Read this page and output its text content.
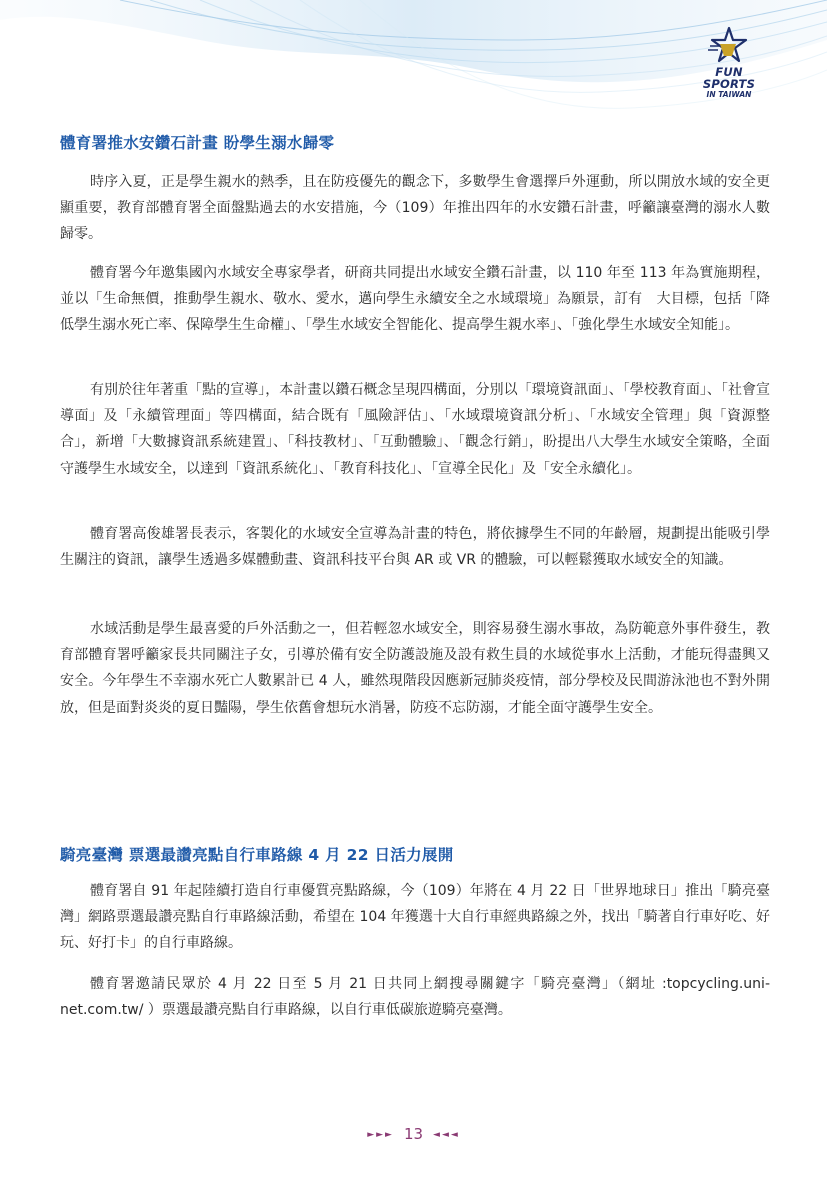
FUN SPORTS
IN TAIWAN
體育署推水安鑽石計畫 盼學生溺水歸零

時序入夏，正是學生親水的熱季，且在防疫優先的觀念下，多數學生會選擇戶外運動，所以開放水域的安全更顯重要，教育部體育署全面盤點過去的水安措施，今（109）年推出四年的水安鑽石計畫，呼籲讓臺灣的溺水人數歸零。

體育署今年邀集國內水域安全專家學者，研商共同提出水域安全鑽石計畫，以 110 年至 113 年為實施期程，並以「生命無價，推動學生親水、敬水、愛水，邁向學生永續安全之水域環境」為願景，訂有　大目標，包括「降低學生溺水死亡率、保障學生生命權」、「學生水域安全智能化、提高學生親水率」、「強化學生水域安全知能」。

有別於往年著重「點的宣導」，本計畫以鑽石概念呈現四構面，分別以「環境資訊面」、「學校教育面」、「社會宣導面」及「永續管理面」等四構面，結合既有「風險評估」、「水域環境資訊分析」、「水域安全管理」與「資源整合」，新增「大數據資訊系統建置」、「科技教材」、「互動體驗」、「觀念行銷」，盼提出八大學生水域安全策略，全面守護學生水域安全，以達到「資訊系統化」、「教育科技化」、「宣導全民化」及「安全永續化」。

體育署高俊雄署長表示，客製化的水域安全宣導為計畫的特色，將依據學生不同的年齡層，規劃提出能吸引學生關注的資訊，讓學生透過多媒體動畫、資訊科技平台與 AR 或 VR 的體驗，可以輕鬆獲取水域安全的知識。

水域活動是學生最喜愛的戶外活動之一，但若輕忽水域安全，則容易發生溺水事故，為防範意外事件發生，教育部體育署呼籲家長共同關注子女，引導於備有安全防護設施及設有救生員的水域從事水上活動，才能玩得盡興又安全。今年學生不幸溺水死亡人數累計已 4 人，雖然現階段因應新冠肺炎疫情，部分學校及民間游泳池也不對外開放，但是面對炎炎的夏日豔陽，學生依舊會想玩水消暑，防疫不忘防溺，才能全面守護學生安全。

騎亮臺灣 票選最讚亮點自行車路線 4 月 22 日活力展開

體育署自 91 年起陸續打造自行車優質亮點路線，今（109）年將在 4 月 22 日「世界地球日」推出「騎亮臺灣」網路票選最讚亮點自行車路線活動，希望在 104 年獲選十大自行車經典路線之外，找出「騎著自行車好吃、好玩、好打卡」的自行車路線。

體育署邀請民眾於 4 月 22 日至 5 月 21 日共同上網搜尋關鍵字「騎亮臺灣」（網址 :topcycling.uni-net.com.tw/ ）票選最讚亮點自行車路線，以自行車低碳旅遊騎亮臺灣。

►►► 13 ◄◄◄
